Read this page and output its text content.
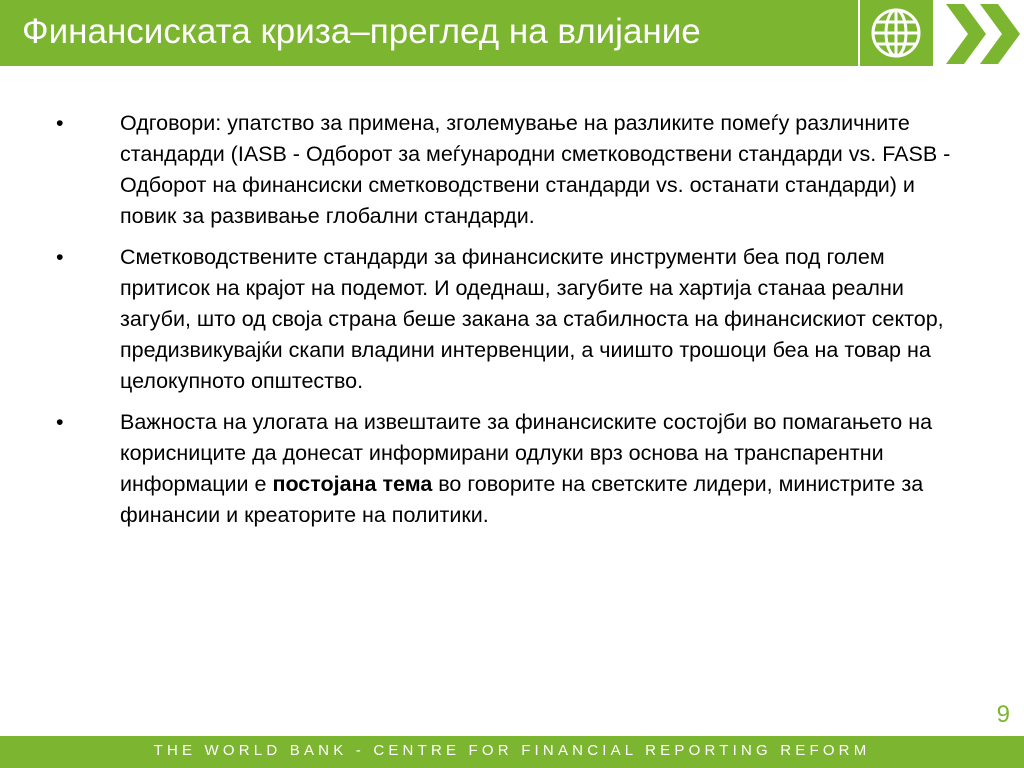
Финансиската криза–преглед на влијание
•	Одговори: упатство за примена, зголемување на разликите помеѓу различните стандарди (IASB - Одборот за меѓународни сметководствени стандарди vs. FASB - Одборот на финансиски сметководствени стандарди vs. останати стандарди) и повик за развивање глобални стандарди.
•	Сметководствените стандарди за финансиските инструменти беа под голем притисок на крајот на подемот. И одеднаш, загубите на хартија станаа реални загуби, што од своја страна беше закана за стабилноста на финансискиот сектор, предизвикувајќи скапи владини интервенции, а чиишто трошоци беа на товар на целокупното општество.
•	Важноста на улогата на извештаите за финансиските состојби во помагањето на корисниците да донесат информирани одлуки врз основа на транспарентни информации е постојана тема во говорите на светските лидери, министрите за финансии и креаторите на политики.
9
THE WORLD BANK - CENTRE FOR FINANCIAL REPORTING REFORM
